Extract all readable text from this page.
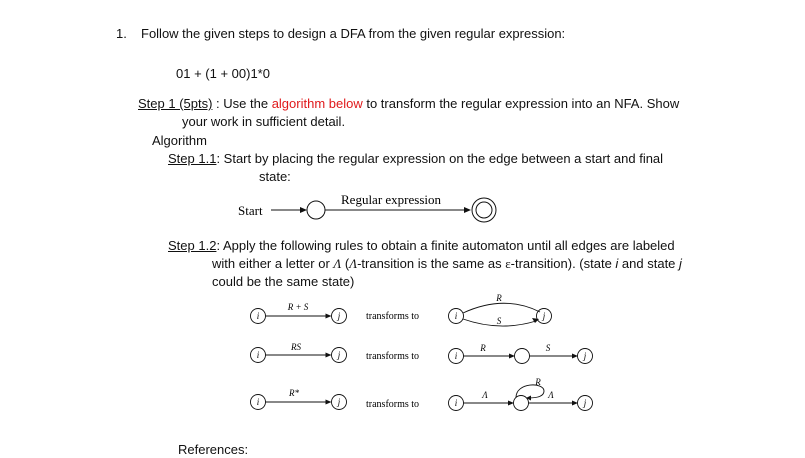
1. Follow the given steps to design a DFA from the given regular expression:
01 + (1 + 00)1*0
Step 1 (5pts) : Use the algorithm below to transform the regular expression into an NFA. Show
your work in sufficient detail.
Algorithm
Step 1.1: Start by placing the regular expression on the edge between a start and final
state:
Start
Regular expression
Step 1.2: Apply the following rules to obtain a finite automaton until all edges are labeled
with either a letter or Λ (Λ-transition is the same as ε-transition). (state i and state j
could be the same state)
i
R + S
j	transforms to	i
R
S	j
i
RS
j	transforms to	i
R	S
j
i
R*
j	transforms to	i
Λ
R
Λ
j
References:
